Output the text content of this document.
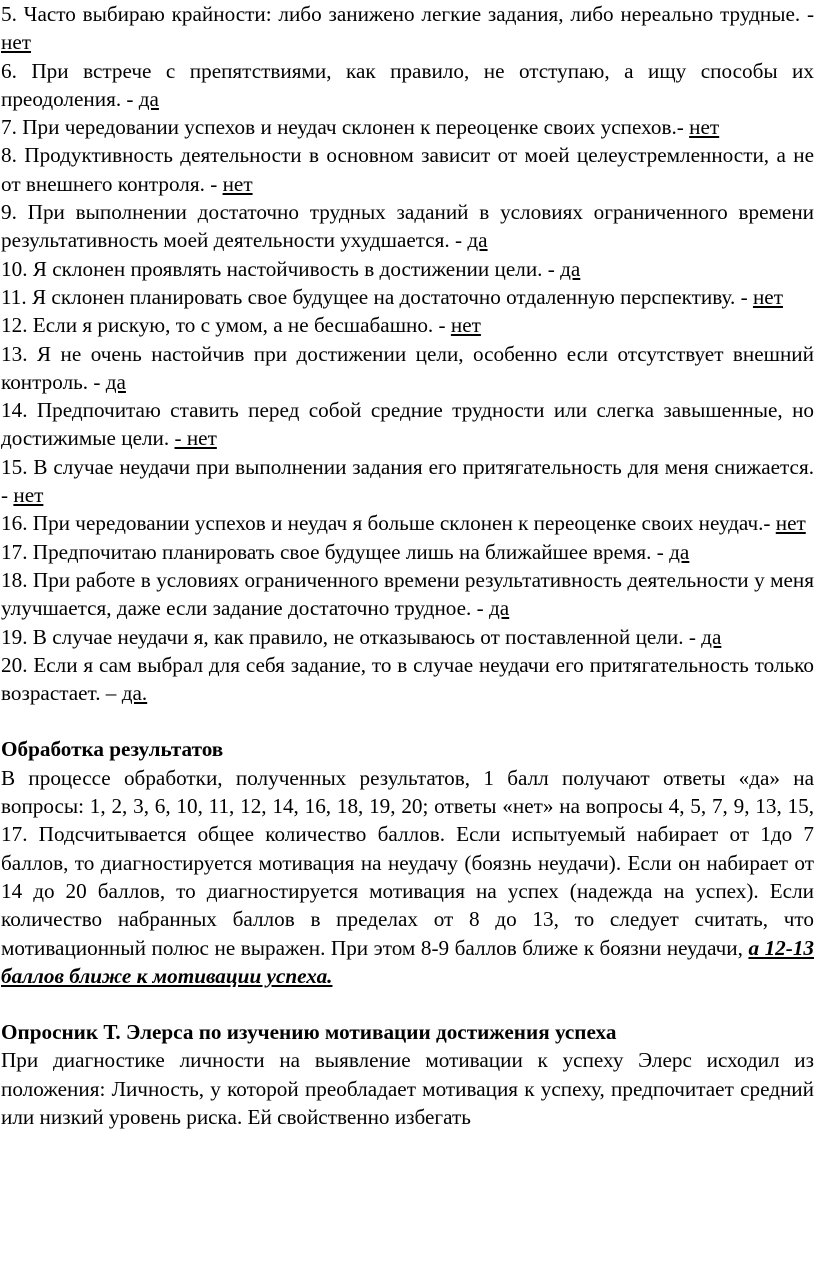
5. Часто выбираю крайности: либо занижено легкие задания, либо нереально трудные. - нет

6. При встрече с препятствиями, как правило, не отступаю, а ищу способы их преодоления. - да

7. При чередовании успехов и неудач склонен к переоценке своих успехов.- нет

8. Продуктивность деятельности в основном зависит от моей целеустремленности, а не от внешнего контроля. - нет

9. При выполнении достаточно трудных заданий в условиях ограниченного времени результативность моей деятельности ухудшается. - да

10. Я склонен проявлять настойчивость в достижении цели. - да

11. Я склонен планировать свое будущее на достаточно отдаленную перспективу. - нет

12. Если я рискую, то с умом, а не бесшабашно. - нет

13. Я не очень настойчив при достижении цели, особенно если отсутствует внешний контроль. - да

14. Предпочитаю ставить перед собой средние трудности или слегка завышенные, но достижимые цели. - нет

15. В случае неудачи при выполнении задания его притягательность для меня снижается. - нет

16. При чередовании успехов и неудач я больше склонен к переоценке своих неудач.- нет

17. Предпочитаю планировать свое будущее лишь на ближайшее время. - да

18. При работе в условиях ограниченного времени результативность деятельности у меня улучшается, даже если задание достаточно трудное. - да

19. В случае неудачи я, как правило, не отказываюсь от поставленной цели. - да

20. Если я сам выбрал для себя задание, то в случае неудачи его притягательность только возрастает. – да.

Обработка результатов

В процессе обработки, полученных результатов, 1 балл получают ответы «да» на вопросы: 1, 2, 3, 6, 10, 11, 12, 14, 16, 18, 19, 20; ответы «нет» на вопросы 4, 5, 7, 9, 13, 15, 17. Подсчитывается общее количество баллов. Если испытуемый набирает от 1до 7 баллов, то диагностируется мотивация на неудачу (боязнь неудачи). Если он набирает от 14 до 20 баллов, то диагностируется мотивация на успех (надежда на успех). Если количество набранных баллов в пределах от 8 до 13, то следует считать, что мотивационный полюс не выражен. При этом 8-9 баллов ближе к боязни неудачи, а 12-13 баллов ближе к мотивации успеха.

Опросник Т. Элерса по изучению мотивации достижения успеха

При диагностике личности на выявление мотивации к успеху Элерс исходил из положения: Личность, у которой преобладает мотивация к успеху, предпочитает средний или низкий уровень риска. Ей свойственно избегать
